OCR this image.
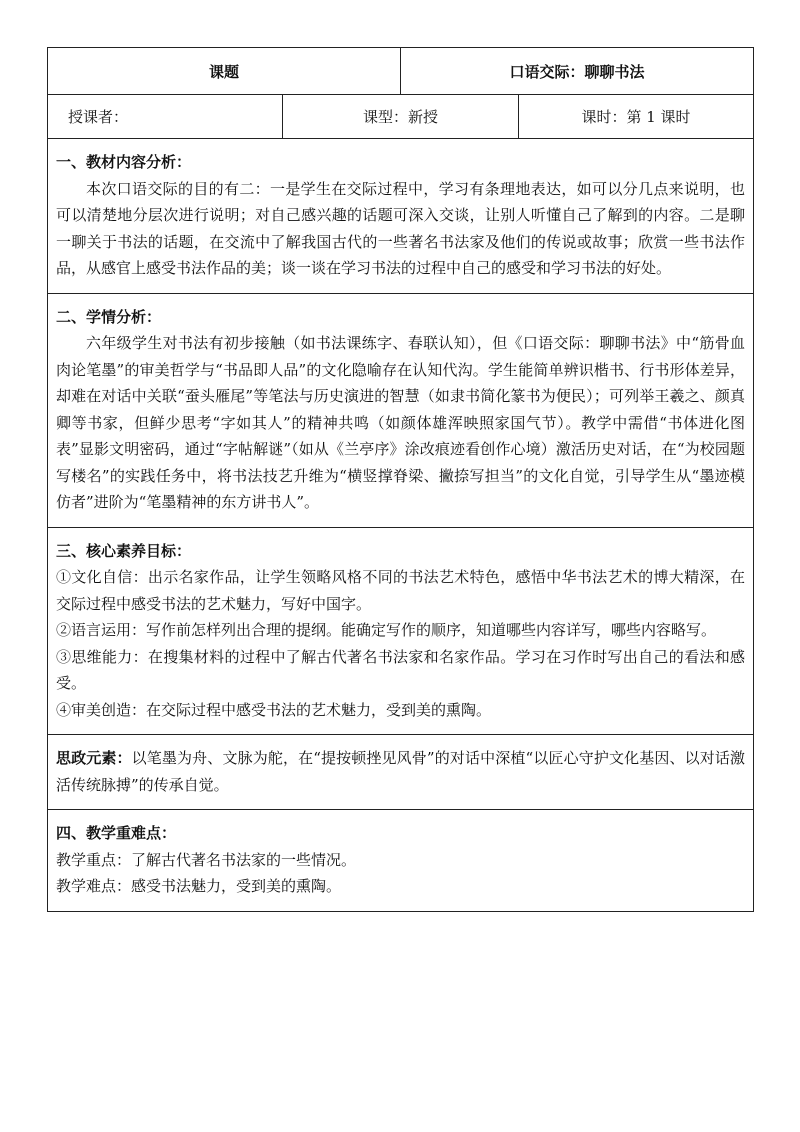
课题		口语交际：聊聊书法	
授课者：	课型：新授		课时：第 1 课时

一、教材内容分析：
本次口语交际的目的有二：一是学生在交际过程中，学习有条理地表达，如可以分几点来说明，也可以清楚地分层次进行说明；对自己感兴趣的话题可深入交谈，让别人听懂自己了解到的内容。二是聊一聊关于书法的话题，在交流中了解我国古代的一些著名书法家及他们的传说或故事；欣赏一些书法作品，从感官上感受书法作品的美；谈一谈在学习书法的过程中自己的感受和学习书法的好处。			

二、学情分析：
六年级学生对书法有初步接触（如书法课练字、春联认知），但《口语交际：聊聊书法》中“筋骨血肉论笔墨”的审美哲学与“书品即人品”的文化隐喻存在认知代沟。学生能简单辨识楷书、行书形体差异，却难在对话中关联“蚕头雁尾”等笔法与历史演进的智慧（如隶书简化篆书为便民）；可列举王羲之、颜真卿等书家，但鲜少思考“字如其人”的精神共鸣（如颜体雄浑映照家国气节）。教学中需借“书体进化图表”显影文明密码，通过“字帖解谜”（如从《兰亭序》涂改痕迹看创作心境）激活历史对话，在“为校园题写楼名”的实践任务中，将书法技艺升维为“横竖撑脊梁、撇捺写担当”的文化自觉，引导学生从“墨迹模仿者”进阶为“笔墨精神的东方讲书人”。			

三、核心素养目标：
①文化自信：出示名家作品，让学生领略风格不同的书法艺术特色，感悟中华书法艺术的博大精深，在交际过程中感受书法的艺术魅力，写好中国字。
②语言运用：写作前怎样列出合理的提纲。能确定写作的顺序，知道哪些内容详写，哪些内容略写。
③思维能力：在搜集材料的过程中了解古代著名书法家和名家作品。学习在习作时写出自己的看法和感受。
④审美创造：在交际过程中感受书法的艺术魅力，受到美的熏陶。			

思政元素：以笔墨为舟、文脉为舵，在“提按顿挫见风骨”的对话中深植“以匠心守护文化基因、以对话激活传统脉搏”的传承自觉。			

四、教学重难点：
教学重点：了解古代著名书法家的一些情况。
教学难点：感受书法魅力，受到美的熏陶。			
